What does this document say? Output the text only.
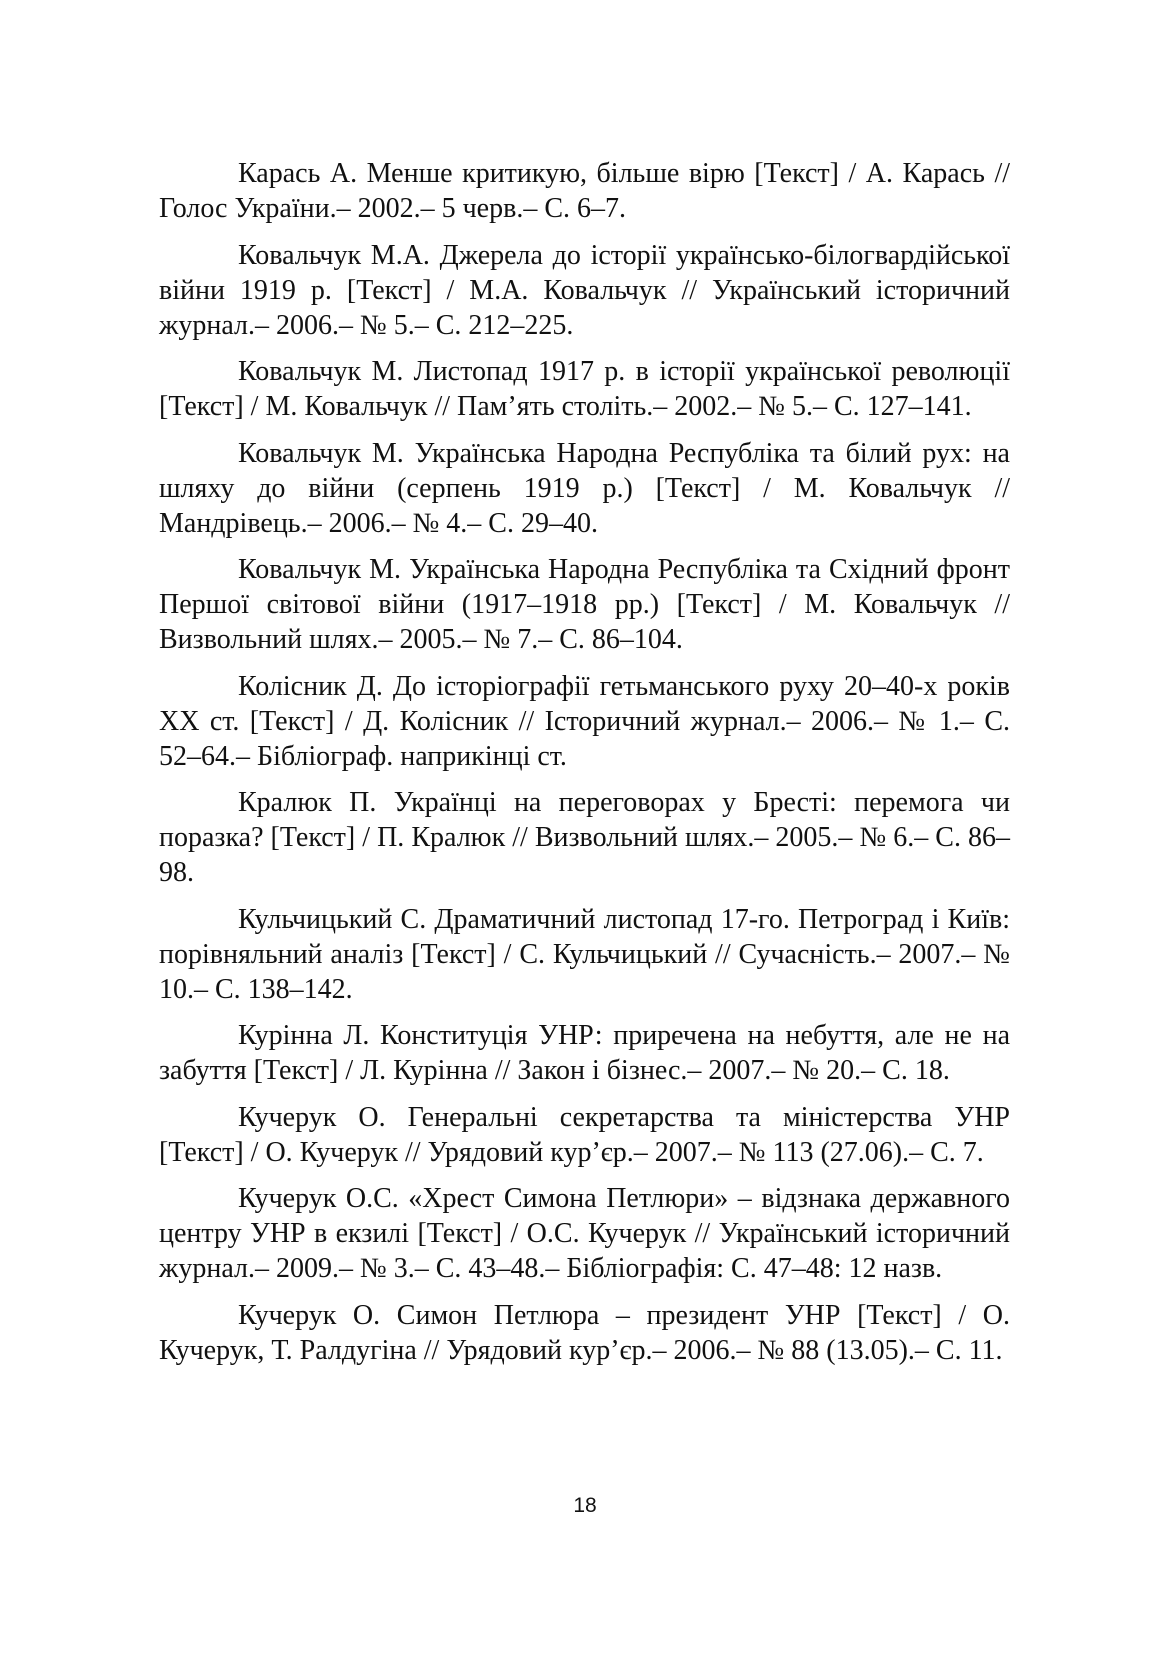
Карась А. Менше критикую, більше вірю [Текст] / А. Карась // Голос України.– 2002.– 5 черв.– С. 6–7.

Ковальчук М.А. Джерела до історії українсько-білогвардійської війни 1919 р. [Текст] / М.А. Ковальчук // Український історичний журнал.– 2006.– № 5.– С. 212–225.

Ковальчук М. Листопад 1917 р. в історії української революції [Текст] / М. Ковальчук // Пам’ять століть.– 2002.– № 5.– С. 127–141.

Ковальчук М. Українська Народна Республіка та білий рух: на шляху до війни (серпень 1919 р.) [Текст] / М. Ковальчук // Мандрівець.– 2006.– № 4.– С. 29–40.

Ковальчук М. Українська Народна Республіка та Східний фронт Першої світової війни (1917–1918 рр.) [Текст] / М. Ковальчук // Визвольний шлях.– 2005.– № 7.– С. 86–104.

Колісник Д. До історіографії гетьманського руху 20–40-х років ХХ ст. [Текст] / Д. Колісник // Історичний журнал.– 2006.– № 1.– С. 52–64.– Бібліограф. наприкінці ст.

Кралюк П. Українці на переговорах у Бресті: перемога чи поразка? [Текст] / П. Кралюк // Визвольний шлях.– 2005.– № 6.– С. 86–98.

Кульчицький С. Драматичний листопад 17-го. Петроград і Київ: порівняльний аналіз [Текст] / С. Кульчицький // Сучасність.– 2007.– № 10.– С. 138–142.

Курінна Л. Конституція УНР: приречена на небуття, але не на забуття [Текст] / Л. Курінна // Закон і бізнес.– 2007.– № 20.– С. 18.

Кучерук О. Генеральні секретарства та міністерства УНР [Текст] / О. Кучерук // Урядовий кур’єр.– 2007.– № 113 (27.06).– С. 7.

Кучерук О.С. «Хрест Симона Петлюри» – відзнака державного центру УНР в екзилі [Текст] / О.С. Кучерук // Український історичний журнал.– 2009.– № 3.– С. 43–48.– Бібліографія: С. 47–48: 12 назв.

Кучерук О. Симон Петлюра – президент УНР [Текст] / О. Кучерук, Т. Ралдугіна // Урядовий кур’єр.– 2006.– № 88 (13.05).– С. 11.

18
